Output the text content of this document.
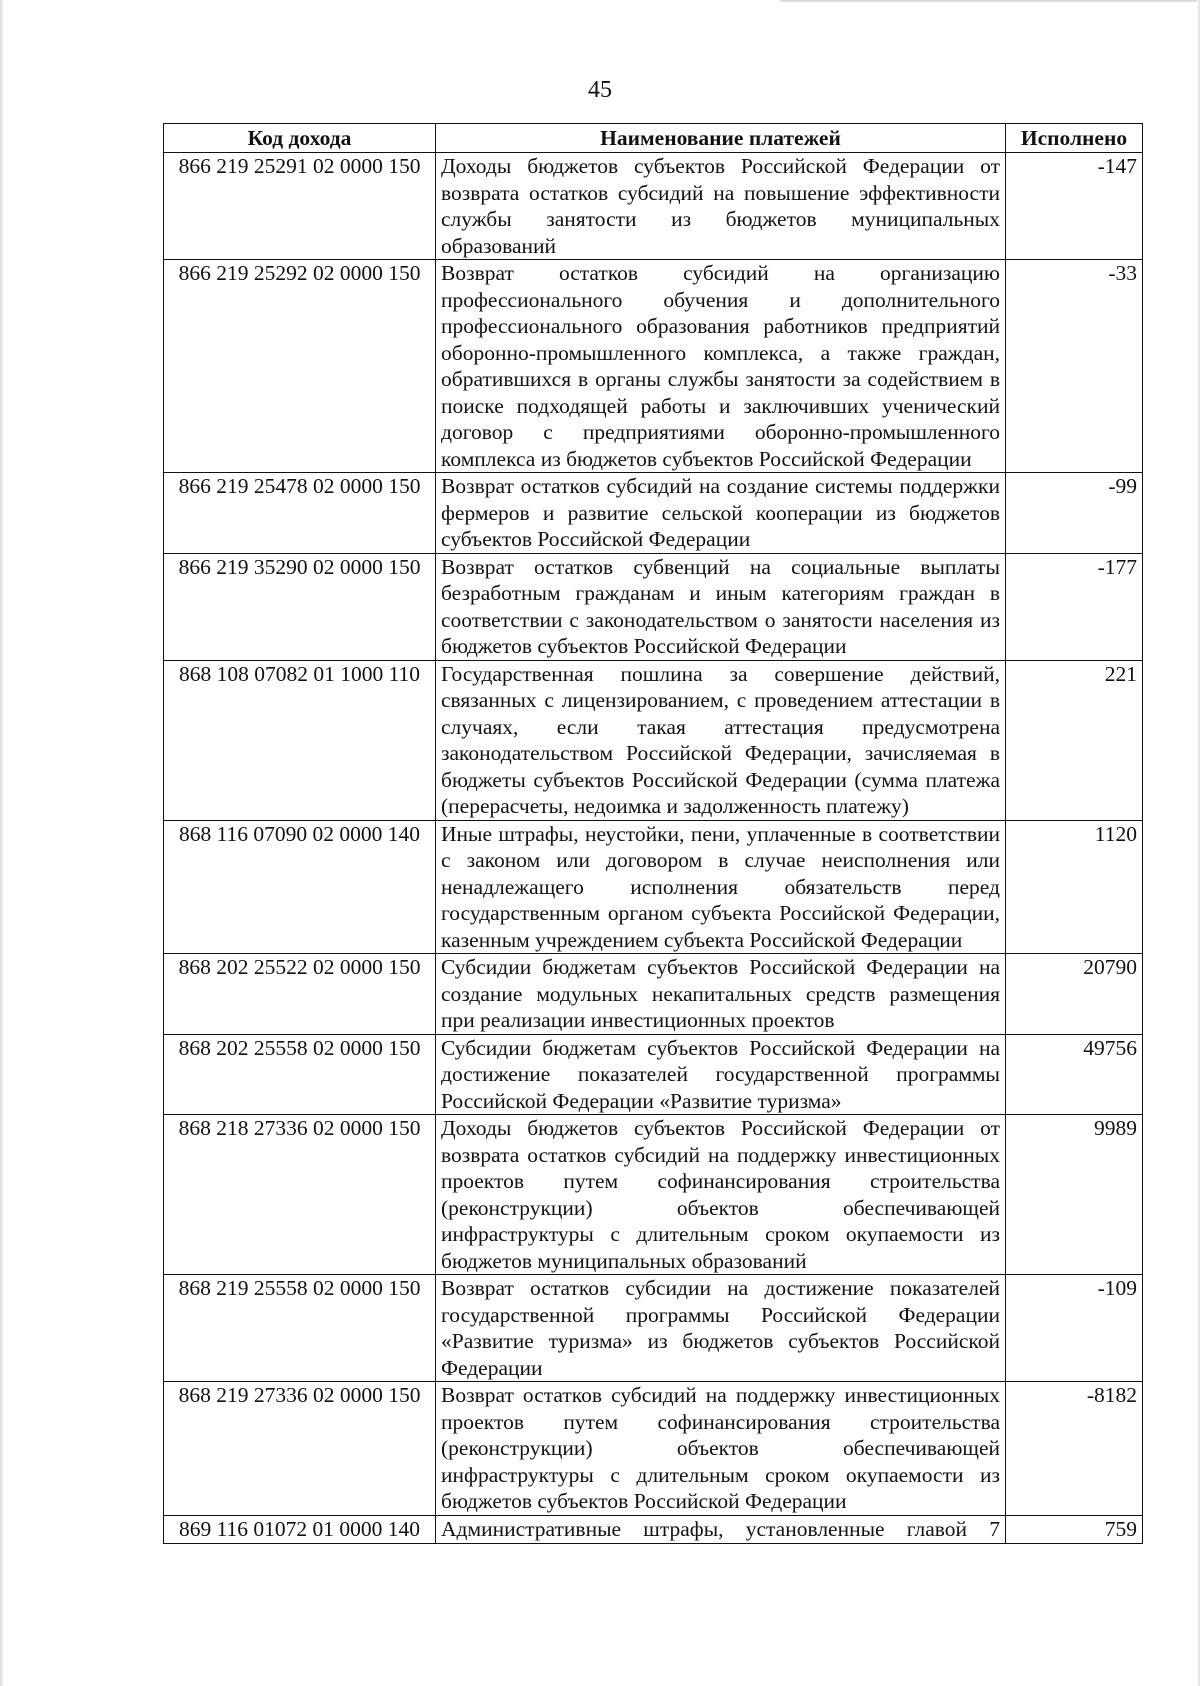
45
Код дохода	Наименование платежей	Исполнено
866 219 25291 02 0000 150	Доходы бюджетов субъектов Российской Федерации от возврата остатков субсидий на повышение эффективности службы занятости из бюджетов муниципальных образований	-147
866 219 25292 02 0000 150	Возврат остатков субсидий на организацию профессионального обучения и дополнительного профессионального образования работников предприятий оборонно-промышленного комплекса, а также граждан, обратившихся в органы службы занятости за содействием в поиске подходящей работы и заключивших ученический договор с предприятиями оборонно-промышленного комплекса из бюджетов субъектов Российской Федерации	-33
866 219 25478 02 0000 150	Возврат остатков субсидий на создание системы поддержки фермеров и развитие сельской кооперации из бюджетов субъектов Российской Федерации	-99
866 219 35290 02 0000 150	Возврат остатков субвенций на социальные выплаты безработным гражданам и иным категориям граждан в соответствии с законодательством о занятости населения из бюджетов субъектов Российской Федерации	-177
868 108 07082 01 1000 110	Государственная пошлина за совершение действий, связанных с лицензированием, с проведением аттестации в случаях, если такая аттестация предусмотрена законодательством Российской Федерации, зачисляемая в бюджеты субъектов Российской Федерации (сумма платежа (перерасчеты, недоимка и задолженность платежу)	221
868 116 07090 02 0000 140	Иные штрафы, неустойки, пени, уплаченные в соответствии с законом или договором в случае неисполнения или ненадлежащего исполнения обязательств перед государственным органом субъекта Российской Федерации, казенным учреждением субъекта Российской Федерации	1120
868 202 25522 02 0000 150	Субсидии бюджетам субъектов Российской Федерации на создание модульных некапитальных средств размещения при реализации инвестиционных проектов	20790
868 202 25558 02 0000 150	Субсидии бюджетам субъектов Российской Федерации на достижение показателей государственной программы Российской Федерации «Развитие туризма»	49756
868 218 27336 02 0000 150	Доходы бюджетов субъектов Российской Федерации от возврата остатков субсидий на поддержку инвестиционных проектов путем софинансирования строительства (реконструкции) объектов обеспечивающей инфраструктуры с длительным сроком окупаемости из бюджетов муниципальных образований	9989
868 219 25558 02 0000 150	Возврат остатков субсидии на достижение показателей государственной программы Российской Федерации «Развитие туризма» из бюджетов субъектов Российской Федерации	-109
868 219 27336 02 0000 150	Возврат остатков субсидий на поддержку инвестиционных проектов путем софинансирования строительства (реконструкции) объектов обеспечивающей инфраструктуры с длительным сроком окупаемости из бюджетов субъектов Российской Федерации	-8182
869 116 01072 01 0000 140	Административные штрафы, установленные главой 7	759
